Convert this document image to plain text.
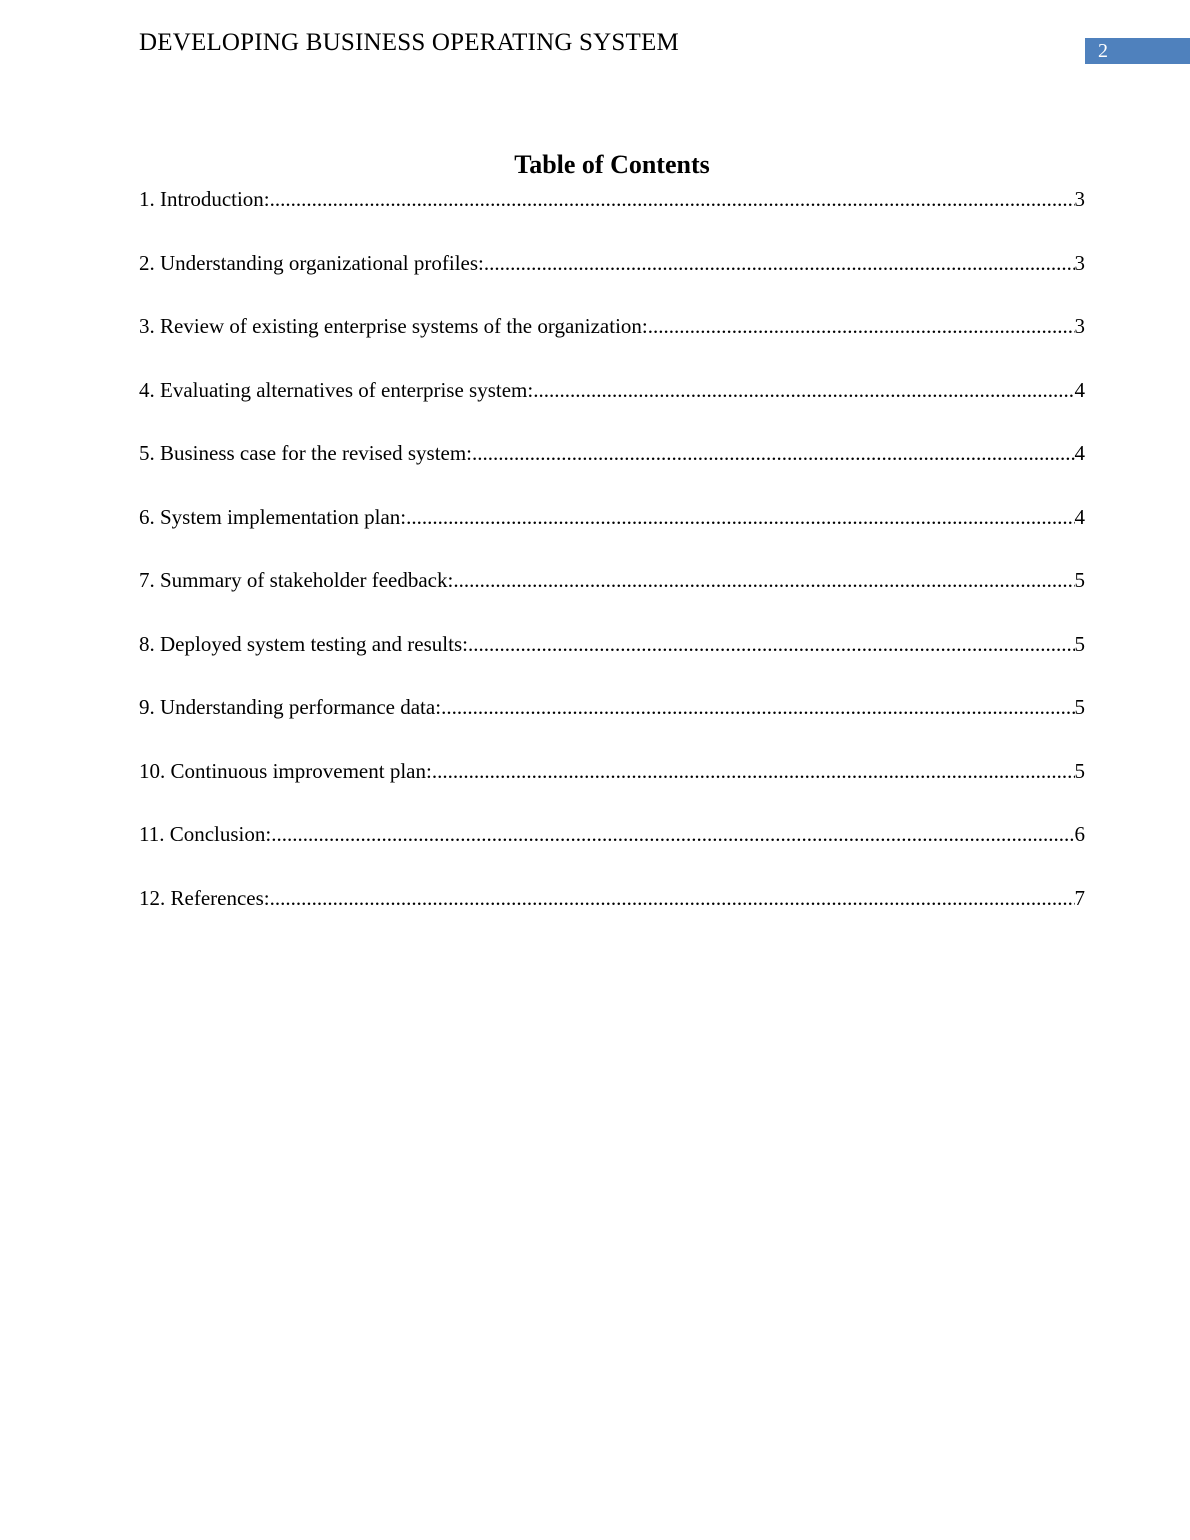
DEVELOPING BUSINESS OPERATING SYSTEM	2
Table of Contents
1. Introduction: .....	3
2. Understanding organizational profiles: .....	3
3. Review of existing enterprise systems of the organization: .....	3
4. Evaluating alternatives of enterprise system: .....	4
5. Business case for the revised system: .....	4
6. System implementation plan: .....	4
7. Summary of stakeholder feedback: .....	5
8. Deployed system testing and results: .....	5
9. Understanding performance data: .....	5
10. Continuous improvement plan: .....	5
11. Conclusion: .....	6
12. References: .....	7
